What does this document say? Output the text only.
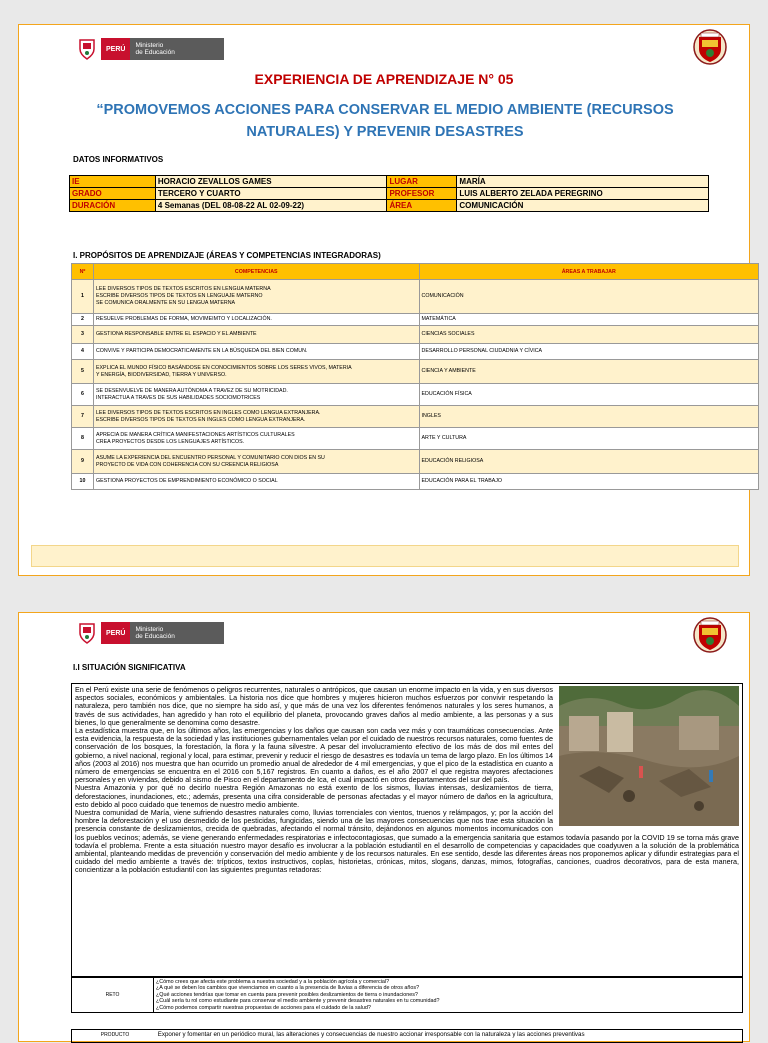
PERÚ	Ministerio
de Educación
EXPERIENCIA DE APRENDIZAJE N° 05
“PROMOVEMOS ACCIONES PARA CONSERVAR EL MEDIO AMBIENTE (RECURSOS NATURALES) Y PREVENIR DESASTRES
DATOS INFORMATIVOS
IE	HORACIO ZEVALLOS GAMES	LUGAR	MARÍA
GRADO	TERCERO Y CUARTO	PROFESOR	LUIS ALBERTO ZELADA PEREGRINO
DURACIÓN	4 Semanas (DEL 08-08-22 AL 02-09-22)	ÁREA	COMUNICACIÓN
I. PROPÓSITOS DE APRENDIZAJE (ÁREAS Y COMPETENCIAS INTEGRADORAS)
Nº	COMPETENCIAS	ÁREAS A TRABAJAR
1	LEE DIVERSOS TIPOS DE TEXTOS ESCRITOS EN LENGUA MATERNA
ESCRIBE DIVERSOS TIPOS DE TEXTOS EN LENGUAJE MATERNO
SE COMUNICA ORALMENTE EN SU LENGUA MATERNA	COMUNICACIÓN
2	RESUELVE PROBLEMAS DE FORMA, MOVIMEIMTO Y LOCALIZACIÓN.	MATEMÁTICA
3	GESTIONA RESPONSABLE ENTRE EL ESPACIO Y EL AMBIENTE	CIENCIAS SOCIALES
4	CONVIVE Y PARTICIPA DEMOCRATICAMENTE EN LA BÚSQUEDA DEL BIEN COMUN.	DESARROLLO PERSONAL CIUDADNIA Y CÍVICA
5	EXPLICA EL MUNDO FÍSICO BASÁNDOSE EN CONOCIMIENTOS SOBRE LOS SERES VIVOS, MATERIA
Y ENERGÍA, BIODIVERSIDAD, TIERRA Y UNIVERSO.	CIENCIA Y AMBIENTE
6	SE DESENVUELVE DE MANERA AUTÓNOMA A TRAVEZ DE SU MOTRICIDAD.
INTERACTUA A TRAVES DE SUS HABILIDADES SOCIOMOTRICES	EDUCACIÓN FÍSICA
7	LEE DIVERSOS TIPOS DE TEXTOS ESCRITOS EN INGLES COMO LENGUA EXTRANJERA.
ESCRIBE DIVERSOS TIPOS DE TEXTOS EN INGLES COMO LENGUA EXTRANJERA.	INGLES
8	APRECIA DE MANERA CRÍTICA MANIFESTACIONES ARTÍSTICOS CULTURALES
CREA PROYECTOS DESDE LOS LENGUAJES ARTÍSTICOS.	ARTE Y CULTURA
9	ASUME LA EXPERIENCIA DEL ENCUENTRO PERSONAL Y COMUNITARIO CON DIOS EN SU
PROYECTO DE VIDA CON COHERENCIA CON SU CREENCIA RELIGIOSA	EDUCACIÓN RELIGIOSA
10	GESTIONA PROYECTOS DE EMPRENDIMIENTO ECONÓMICO O SOCIAL	EDUCACIÓN PARA EL TRABAJO
PERÚ	Ministerio
de Educación
I.I SITUACIÓN SIGNIFICATIVA

En el Perú existe una serie de fenómenos o peligros recurrentes, naturales o antrópicos, que causan un enorme impacto en la vida, y en sus diversos aspectos sociales, económicos y ambientales. La historia nos dice que hombres y mujeres hicieron muchos esfuerzos por convivir respetando la naturaleza, pero también nos dice, que no siempre ha sido así, y que más de una vez los diferentes fenómenos naturales y los seres humanos, a través de sus actividades, han agredido y han roto el equilibrio del planeta, provocando graves daños al medio ambiente, a las personas y a sus bienes, lo que generalmente se denomina como desastre.

La estadística muestra que, en los últimos años, las emergencias y los daños que causan son cada vez más y con traumáticas consecuencias. Ante esta evidencia, la respuesta de la sociedad y las instituciones gubernamentales velan por el cuidado de nuestros recursos naturales, como fuentes de conservación de los bosques, la forestación, la flora y la fauna silvestre. A pesar del involucramiento efectivo de los más de dos mil entes del gobierno, a nivel nacional, regional y local, para estimar, prevenir y reducir el riesgo de desastres es todavía un tema de largo plazo. En los últimos 14 años (2003 al 2016) nos muestra que han ocurrido un promedio anual de alrededor de 4 mil emergencias, y que el pico de la estadística en cuanto a número de emergencias se encuentra en el 2016 con 5,167 registros. En cuanto a daños, es el año 2007 el que registra mayores afectaciones personales y en viviendas, debido al sismo de Pisco en el departamento de Ica, el cual impactó en otros departamentos del sur del país.

Nuestra Amazonia y por qué no decirlo nuestra Región Amazonas no está exento de los sismos, lluvias intensas, deslizamientos de tierra, deforestaciones, inundaciones, etc.; además, presenta una cifra considerable de personas afectadas y el mayor número de daños en la agricultura, esto debido al poco cuidado que tenemos de nuestro medio ambiente.

Nuestra comunidad de María, viene sufriendo desastres naturales como, lluvias torrenciales con vientos, truenos y relámpagos, y; por la acción del hombre la deforestación y el uso desmedido de los pesticidas, fungicidas, siendo una de las mayores consecuencias que nos trae esta situación la presencia constante de deslizamientos, crecida de quebradas, afectando el normal tránsito, dejándonos en algunos momentos incomunicados con los pueblos vecinos; además, se viene generando enfermedades respiratorias e infectocontagiosas, que sumado a la emergencia sanitaria que estamos todavía pasando por la COVID 19 se torna más grave todavía el problema. Frente a esta situación nuestro mayor desafío es involucrar a la población estudiantil en el desarrollo de competencias y capacidades que coadyuven a la solución de la problemática ambiental, planteando medidas de prevención y conservación del medio ambiente y de los recursos naturales. En ese sentido, desde las diferentes áreas nos proponemos aplicar y difundir estrategias para el cuidado del medio ambiente a través de: trípticos, textos instructivos, coplas, historietas, crónicas, mitos, slogans, danzas, mimos, fotografías, canciones, cuadros decorativos, para de esta manera, concientizar a la población estudiantil con las siguientes preguntas retadoras:

RETO	
¿Cómo crees que afecta este problema a nuestra sociedad y a la población agrícola y comercial?
¿A qué se deben los cambios que vivenciamos en cuanto a la presencia de lluvias a diferencia de otros años?
¿Qué acciones tendrías que tomar en cuenta para prevenir posibles deslizamientos de tierra o inundaciones?
¿Cuál sería tu rol como estudiante para conservar el medio ambiente y prevenir desastres naturales en tu comunidad?
¿Cómo podemos compartir nuestras propuestas de acciones para el cuidado de la salud?
PRODUCTO	Exponer y fomentar en un periódico mural, las alteraciones y consecuencias de nuestro accionar irresponsable con la naturaleza y las acciones preventivas
